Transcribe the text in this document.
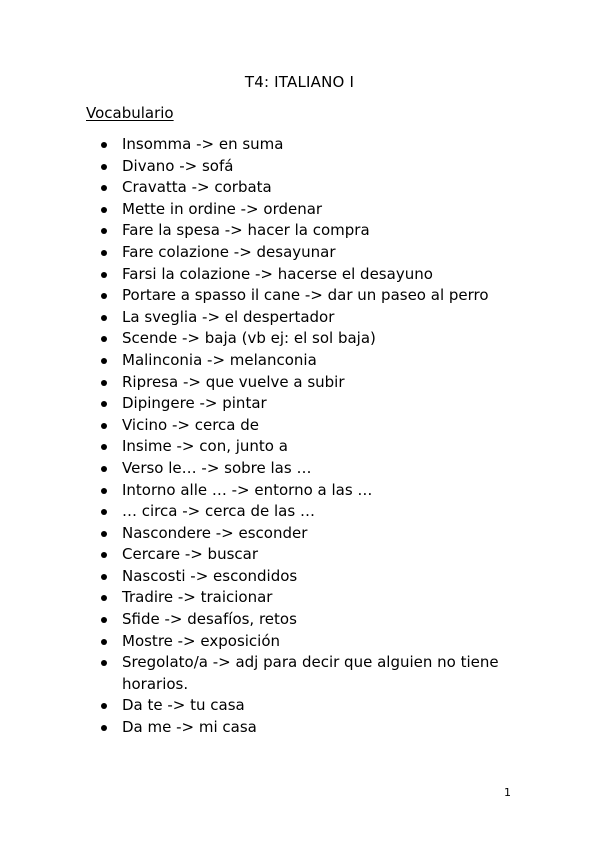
T4: ITALIANO I
Vocabulario
Insomma -> en suma
Divano -> sofá
Cravatta -> corbata
Mette in ordine -> ordenar
Fare la spesa -> hacer la compra
Fare colazione -> desayunar
Farsi la colazione -> hacerse el desayuno
Portare a spasso il cane -> dar un paseo al perro
La sveglia -> el despertador
Scende -> baja (vb ej: el sol baja)
Malinconia -> melanconia
Ripresa -> que vuelve a subir
Dipingere -> pintar
Vicino -> cerca de
Insime -> con, junto a
Verso le… -> sobre las …
Intorno alle … -> entorno a las …
… circa -> cerca de las …
Nascondere -> esconder
Cercare -> buscar
Nascosti -> escondidos
Tradire -> traicionar
Sfide -> desafíos, retos
Mostre -> exposición
Sregolato/a -> adj para decir que alguien no tiene horarios.
Da te -> tu casa
Da me -> mi casa
1
